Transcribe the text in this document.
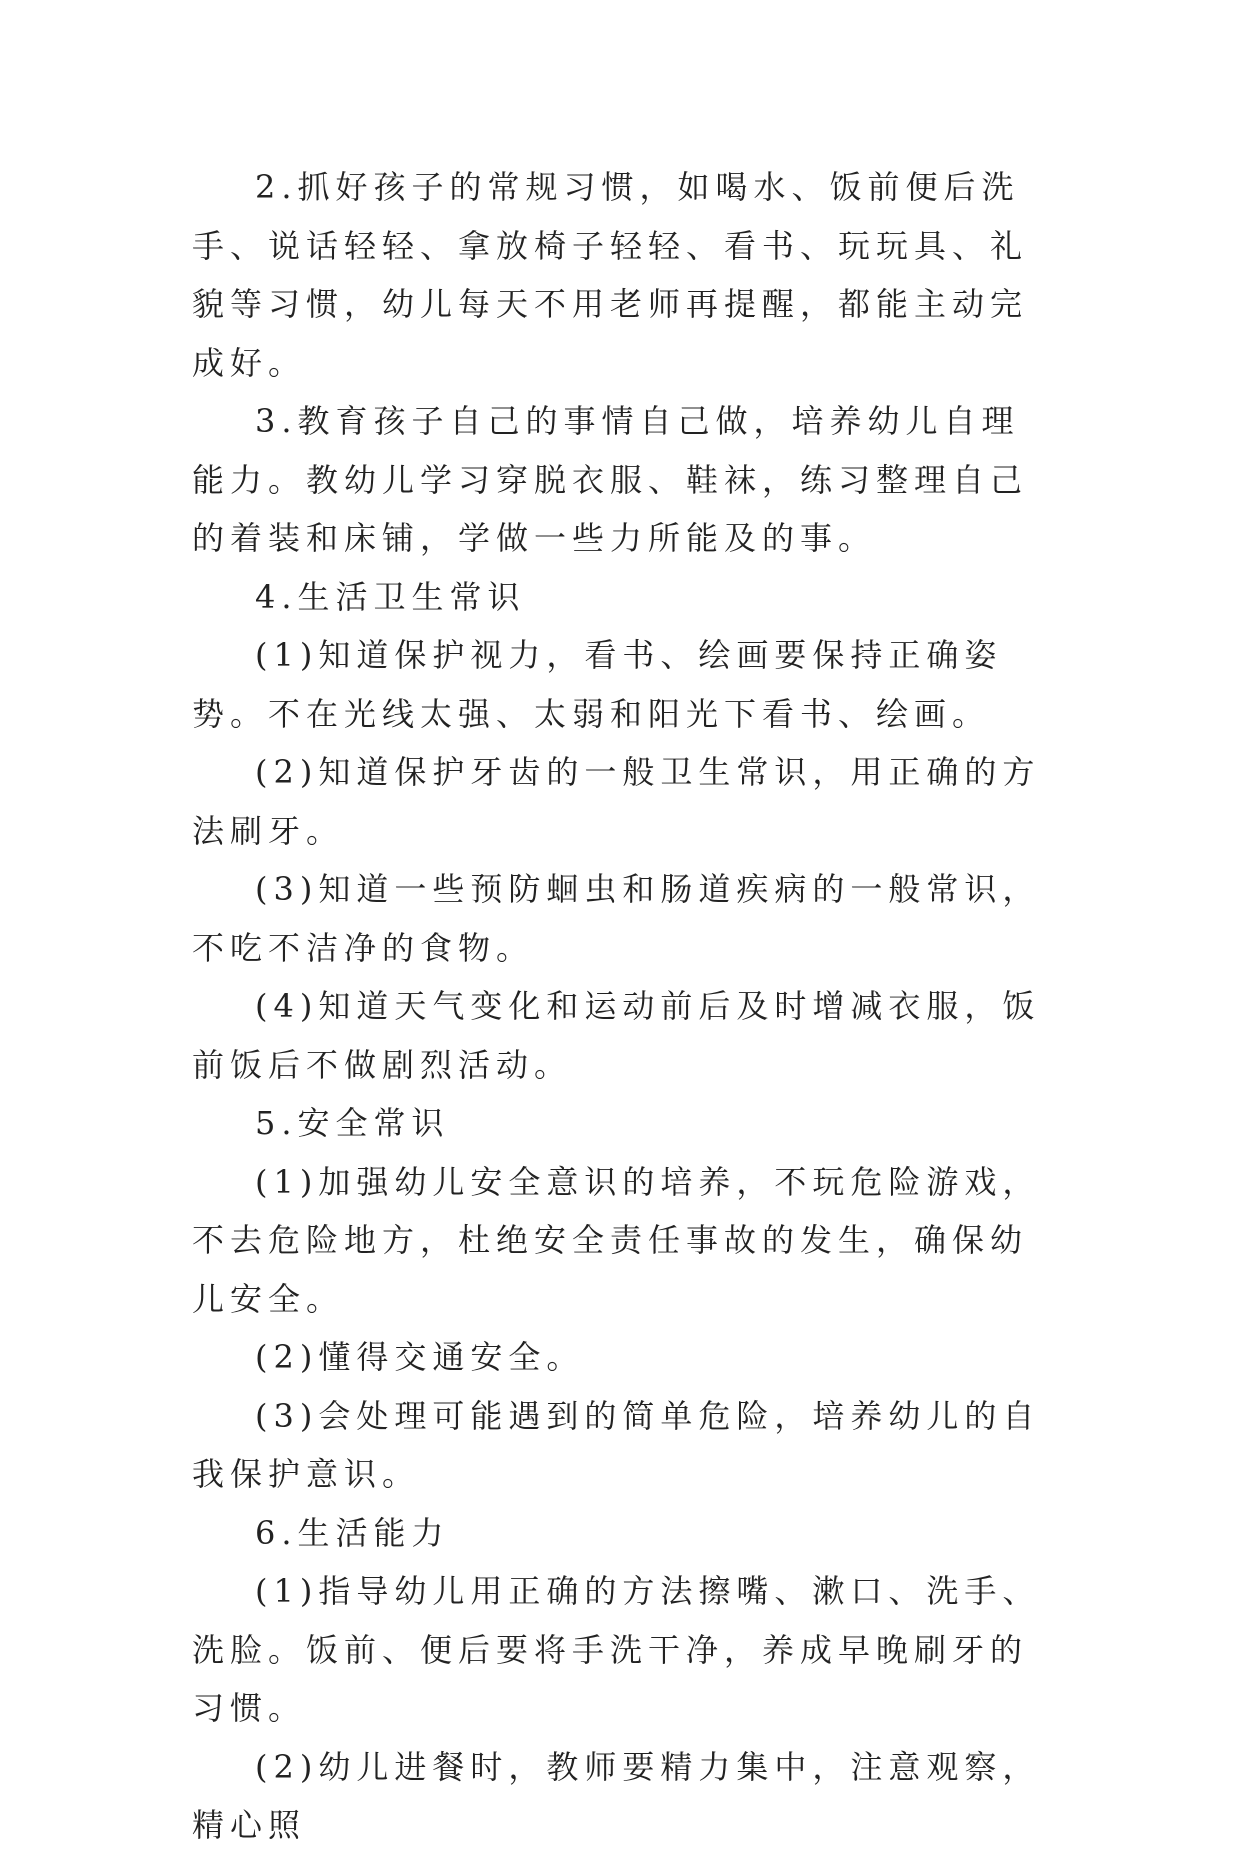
2.抓好孩子的常规习惯，如喝水、饭前便后洗手、说话轻轻、拿放椅子轻轻、看书、玩玩具、礼貌等习惯，幼儿每天不用老师再提醒，都能主动完成好。

3.教育孩子自己的事情自己做，培养幼儿自理能力。教幼儿学习穿脱衣服、鞋袜，练习整理自己的着装和床铺，学做一些力所能及的事。

4.生活卫生常识

(1)知道保护视力，看书、绘画要保持正确姿势。不在光线太强、太弱和阳光下看书、绘画。

(2)知道保护牙齿的一般卫生常识，用正确的方法刷牙。

(3)知道一些预防蛔虫和肠道疾病的一般常识，不吃不洁净的食物。

(4)知道天气变化和运动前后及时增减衣服，饭前饭后不做剧烈活动。

5.安全常识

(1)加强幼儿安全意识的培养，不玩危险游戏，不去危险地方，杜绝安全责任事故的发生，确保幼儿安全。

(2)懂得交通安全。

(3)会处理可能遇到的简单危险，培养幼儿的自我保护意识。

6.生活能力

(1)指导幼儿用正确的方法擦嘴、漱口、洗手、洗脸。饭前、便后要将手洗干净，养成早晚刷牙的习惯。

(2)幼儿进餐时，教师要精力集中，注意观察，精心照
